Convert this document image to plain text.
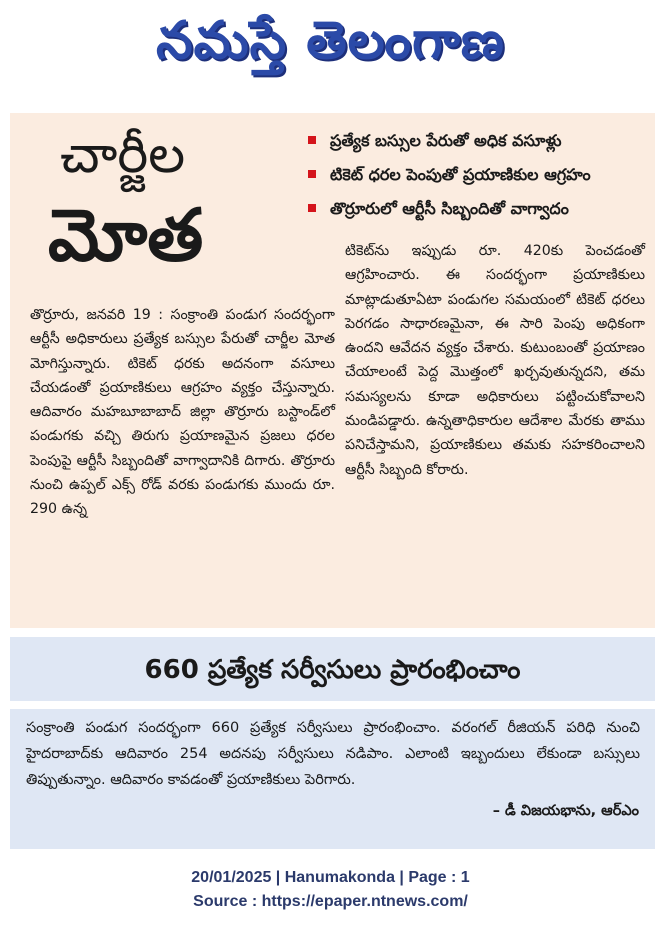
నమస్తే తెలంగాణ
చార్జీల
మోత
ప్రత్యేక బస్సుల పేరుతో అధిక వసూళ్లు
టికెట్ ధరల పెంపుతో ప్రయాణికుల ఆగ్రహం
తొర్రూరులో ఆర్టీసీ సిబ్బందితో వాగ్వాదం
తొర్రూరు, జనవరి 19 : సంక్రాంతి పండుగ సందర్భంగా ఆర్టీసీ అధికారులు ప్రత్యేక బస్సుల పేరుతో చార్జీల మోత మోగిస్తున్నారు. టికెట్ ధరకు అదనంగా వసూలు చేయడంతో ప్రయాణికులు ఆగ్రహం వ్యక్తం చేస్తున్నారు. ఆదివారం మహబూబాబాద్ జిల్లా తొర్రూరు బస్టాండ్‌లో పండుగకు వచ్చి తిరుగు ప్రయాణమైన ప్రజలు ధరల పెంపుపై ఆర్టీసీ సిబ్బందితో వాగ్వాదానికి దిగారు. తొర్రూరు నుంచి ఉప్పల్ ఎక్స్ రోడ్ వరకు పండుగకు ముందు రూ. 290 ఉన్న
టికెట్‌ను ఇప్పుడు రూ. 420కు పెంచడంతో ఆగ్రహించారు. ఈ సందర్భంగా ప్రయాణికులు మాట్లాడుతూఏటా పండుగల సమయంలో టికెట్ ధరలు పెరగడం సాధారణమైనా, ఈ సారి పెంపు అధికంగా ఉందని ఆవేదన వ్యక్తం చేశారు. కుటుంబంతో ప్రయాణం చేయాలంటే పెద్ద మొత్తంలో ఖర్చవుతున్నదని, తమ సమస్యలను కూడా అధికారులు పట్టించుకోవాలని మండిపడ్డారు. ఉన్నతాధికారుల ఆదేశాల మేరకు తాము పనిచేస్తామని, ప్రయాణికులు తమకు సహకరించాలని ఆర్టీసీ సిబ్బంది కోరారు.
660 ప్రత్యేక సర్వీసులు ప్రారంభించాం
సంక్రాంతి పండుగ సందర్భంగా 660 ప్రత్యేక సర్వీసులు ప్రారంభించాం. వరంగల్ రీజియన్ పరిధి నుంచి హైదరాబాద్‌కు ఆదివారం 254 అదనపు సర్వీసులు నడిపాం. ఎలాంటి ఇబ్బందులు లేకుండా బస్సులు తిప్పుతున్నాం. ఆదివారం కావడంతో ప్రయాణికులు పెరిగారు.
– డీ విజయభాను, ఆర్ఎం
20/01/2025 | Hanumakonda | Page : 1
Source : https://epaper.ntnews.com/
